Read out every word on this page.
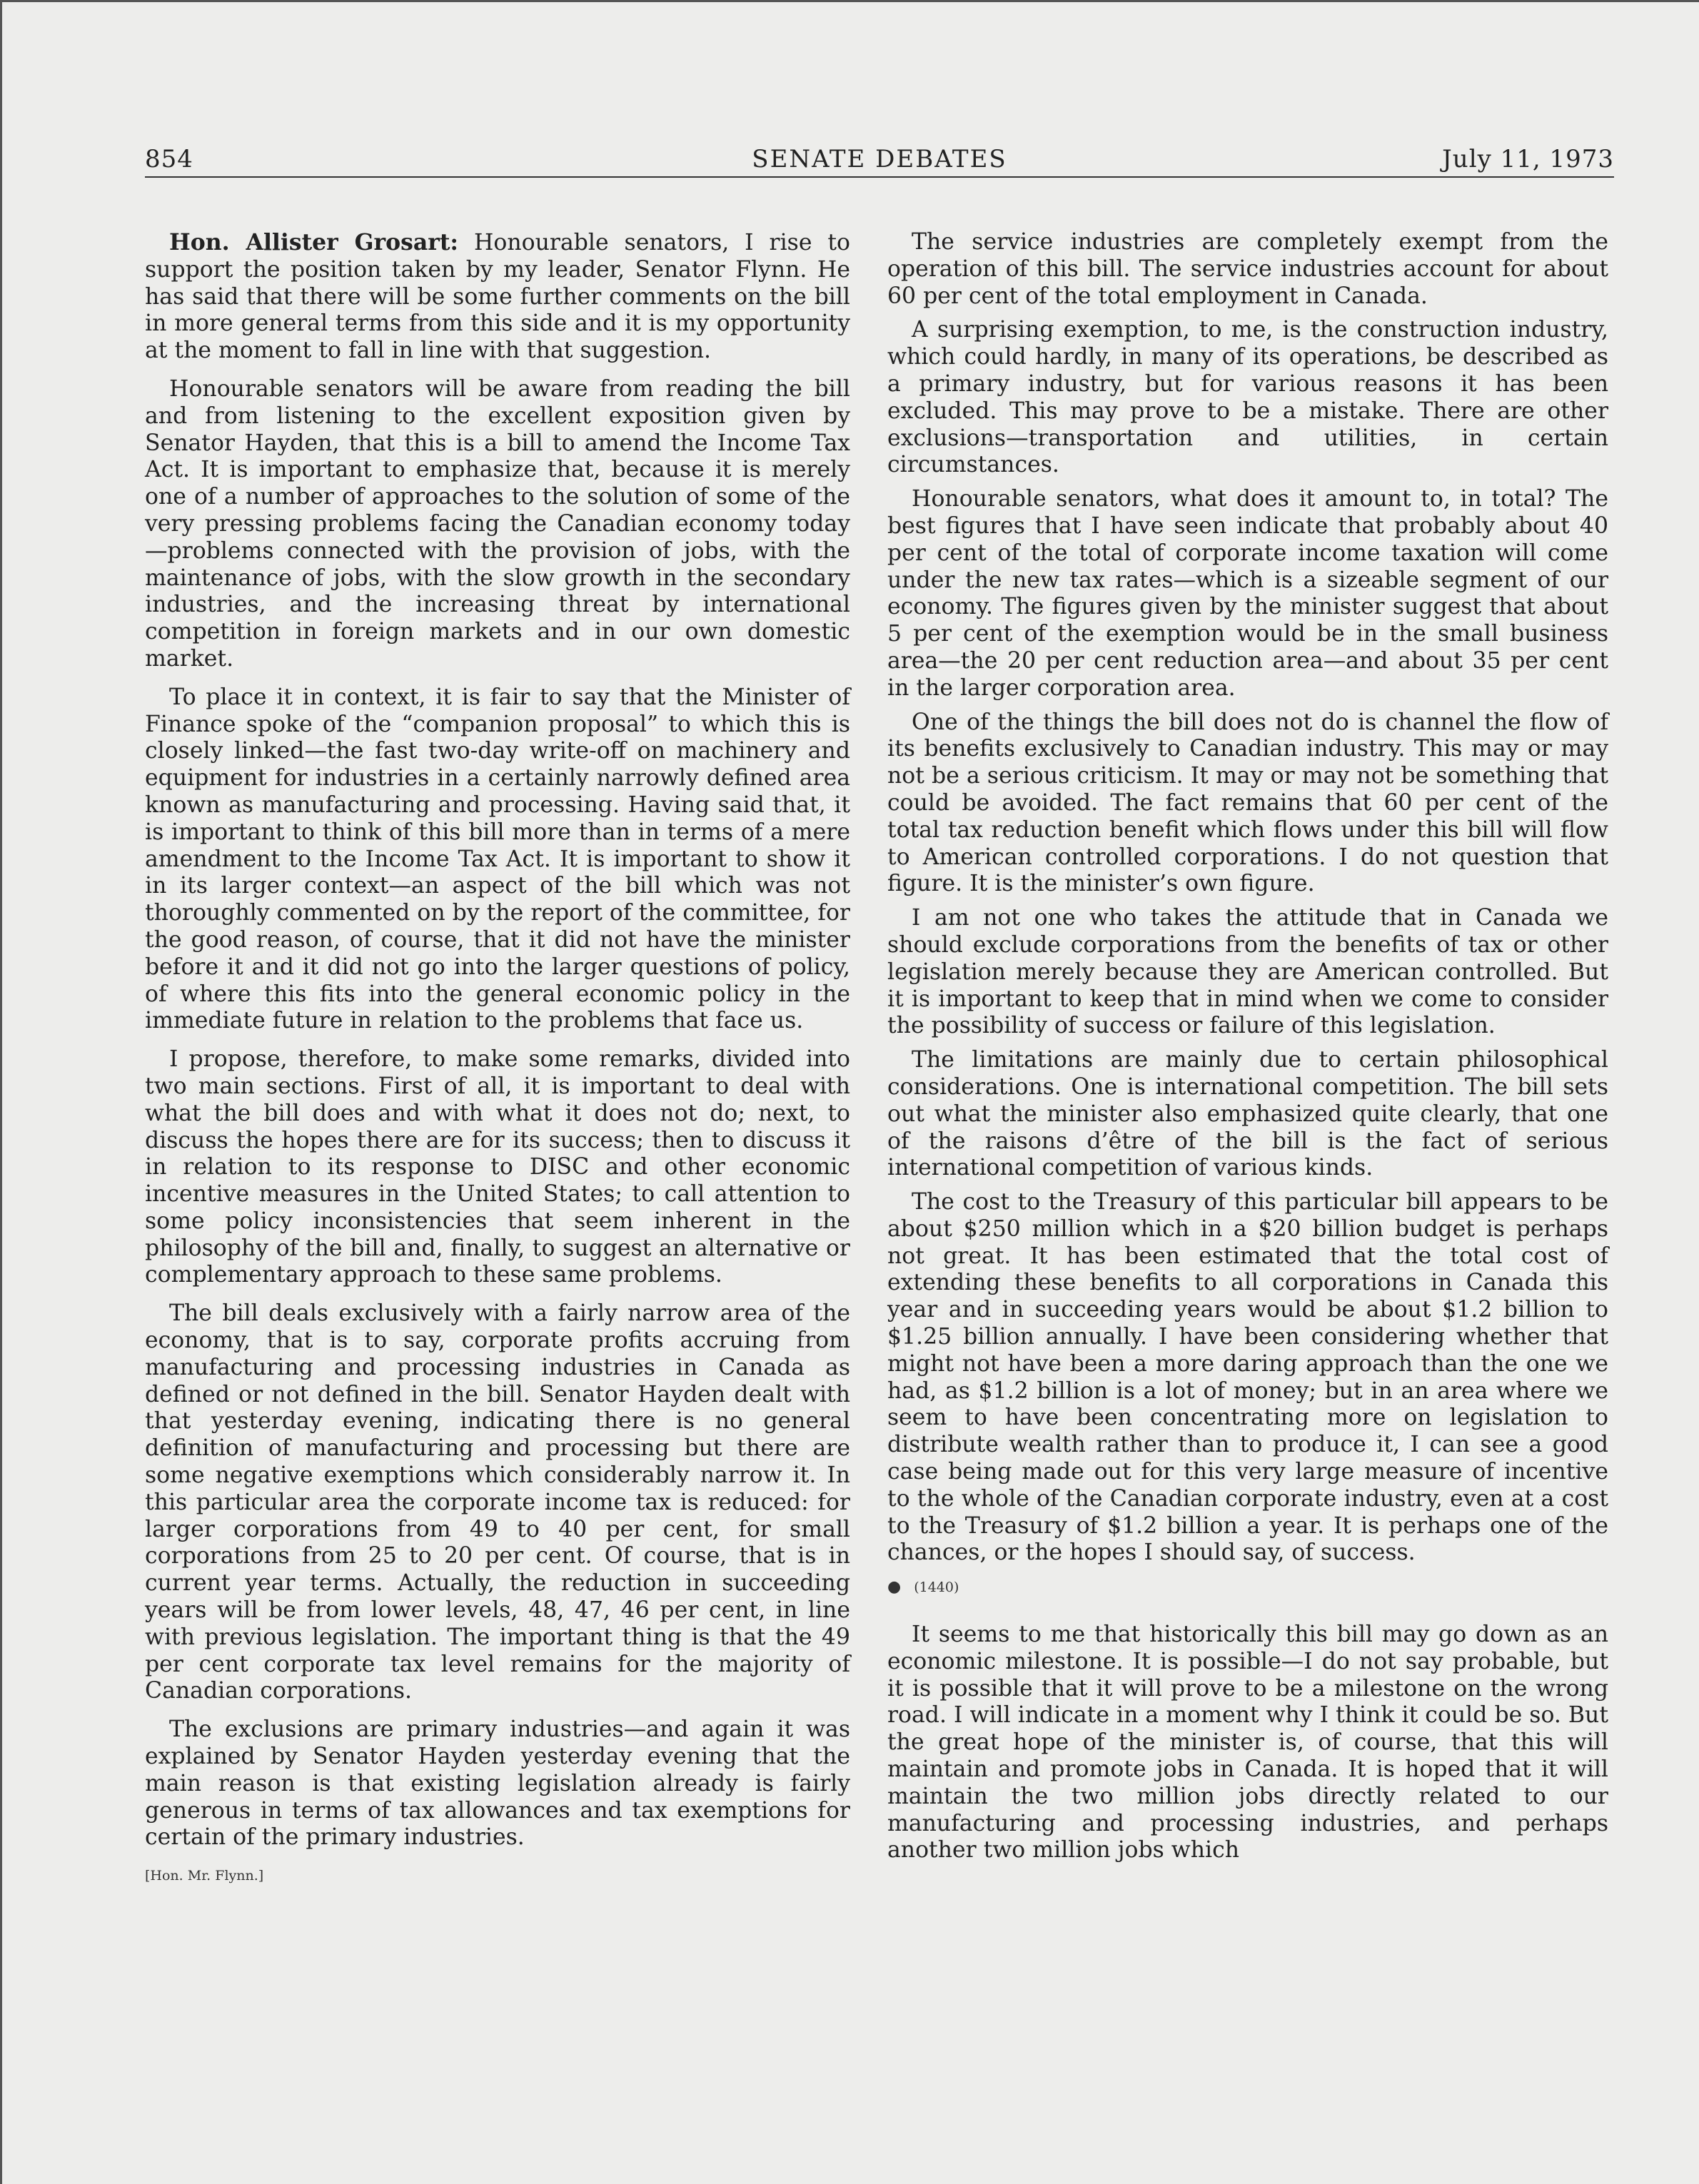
854	SENATE DEBATES	July 11, 1973

Hon. Allister Grosart: Honourable senators, I rise to support the position taken by my leader, Senator Flynn. He has said that there will be some further comments on the bill in more general terms from this side and it is my opportunity at the moment to fall in line with that suggestion.

Honourable senators will be aware from reading the bill and from listening to the excellent exposition given by Senator Hayden, that this is a bill to amend the Income Tax Act. It is important to emphasize that, because it is merely one of a number of approaches to the solution of some of the very pressing problems facing the Canadian economy today—problems connected with the provision of jobs, with the maintenance of jobs, with the slow growth in the secondary industries, and the increasing threat by international competition in foreign markets and in our own domestic market.

To place it in context, it is fair to say that the Minister of Finance spoke of the “companion proposal” to which this is closely linked—the fast two-day write-off on machinery and equipment for industries in a certainly narrowly defined area known as manufacturing and processing. Having said that, it is important to think of this bill more than in terms of a mere amendment to the Income Tax Act. It is important to show it in its larger context—an aspect of the bill which was not thoroughly commented on by the report of the committee, for the good reason, of course, that it did not have the minister before it and it did not go into the larger questions of policy, of where this fits into the general economic policy in the immediate future in relation to the problems that face us.

I propose, therefore, to make some remarks, divided into two main sections. First of all, it is important to deal with what the bill does and with what it does not do; next, to discuss the hopes there are for its success; then to discuss it in relation to its response to DISC and other economic incentive measures in the United States; to call attention to some policy inconsistencies that seem inherent in the philosophy of the bill and, finally, to suggest an alternative or complementary approach to these same problems.

The bill deals exclusively with a fairly narrow area of the economy, that is to say, corporate profits accruing from manufacturing and processing industries in Canada as defined or not defined in the bill. Senator Hayden dealt with that yesterday evening, indicating there is no general definition of manufacturing and processing but there are some negative exemptions which considerably narrow it. In this particular area the corporate income tax is reduced: for larger corporations from 49 to 40 per cent, for small corporations from 25 to 20 per cent. Of course, that is in current year terms. Actually, the reduction in succeeding years will be from lower levels, 48, 47, 46 per cent, in line with previous legislation. The important thing is that the 49 per cent corporate tax level remains for the majority of Canadian corporations.

The exclusions are primary industries—and again it was explained by Senator Hayden yesterday evening that the main reason is that existing legislation already is fairly generous in terms of tax allowances and tax exemptions for certain of the primary industries.

[Hon. Mr. Flynn.]

The service industries are completely exempt from the operation of this bill. The service industries account for about 60 per cent of the total employment in Canada.

A surprising exemption, to me, is the construction industry, which could hardly, in many of its operations, be described as a primary industry, but for various reasons it has been excluded. This may prove to be a mistake. There are other exclusions—transportation and utilities, in certain circumstances.

Honourable senators, what does it amount to, in total? The best figures that I have seen indicate that probably about 40 per cent of the total of corporate income taxation will come under the new tax rates—which is a sizeable segment of our economy. The figures given by the minister suggest that about 5 per cent of the exemption would be in the small business area—the 20 per cent reduction area—and about 35 per cent in the larger corporation area.

One of the things the bill does not do is channel the flow of its benefits exclusively to Canadian industry. This may or may not be a serious criticism. It may or may not be something that could be avoided. The fact remains that 60 per cent of the total tax reduction benefit which flows under this bill will flow to American controlled corporations. I do not question that figure. It is the minister’s own figure.

I am not one who takes the attitude that in Canada we should exclude corporations from the benefits of tax or other legislation merely because they are American controlled. But it is important to keep that in mind when we come to consider the possibility of success or failure of this legislation.

The limitations are mainly due to certain philosophical considerations. One is international competition. The bill sets out what the minister also emphasized quite clearly, that one of the raisons d’être of the bill is the fact of serious international competition of various kinds.

The cost to the Treasury of this particular bill appears to be about $250 million which in a $20 billion budget is perhaps not great. It has been estimated that the total cost of extending these benefits to all corporations in Canada this year and in succeeding years would be about $1.2 billion to $1.25 billion annually. I have been considering whether that might not have been a more daring approach than the one we had, as $1.2 billion is a lot of money; but in an area where we seem to have been concentrating more on legislation to distribute wealth rather than to produce it, I can see a good case being made out for this very large measure of incentive to the whole of the Canadian corporate industry, even at a cost to the Treasury of $1.2 billion a year. It is perhaps one of the chances, or the hopes I should say, of success.

● (1440)

It seems to me that historically this bill may go down as an economic milestone. It is possible—I do not say probable, but it is possible that it will prove to be a milestone on the wrong road. I will indicate in a moment why I think it could be so. But the great hope of the minister is, of course, that this will maintain and promote jobs in Canada. It is hoped that it will maintain the two million jobs directly related to our manufacturing and processing industries, and perhaps another two million jobs which
